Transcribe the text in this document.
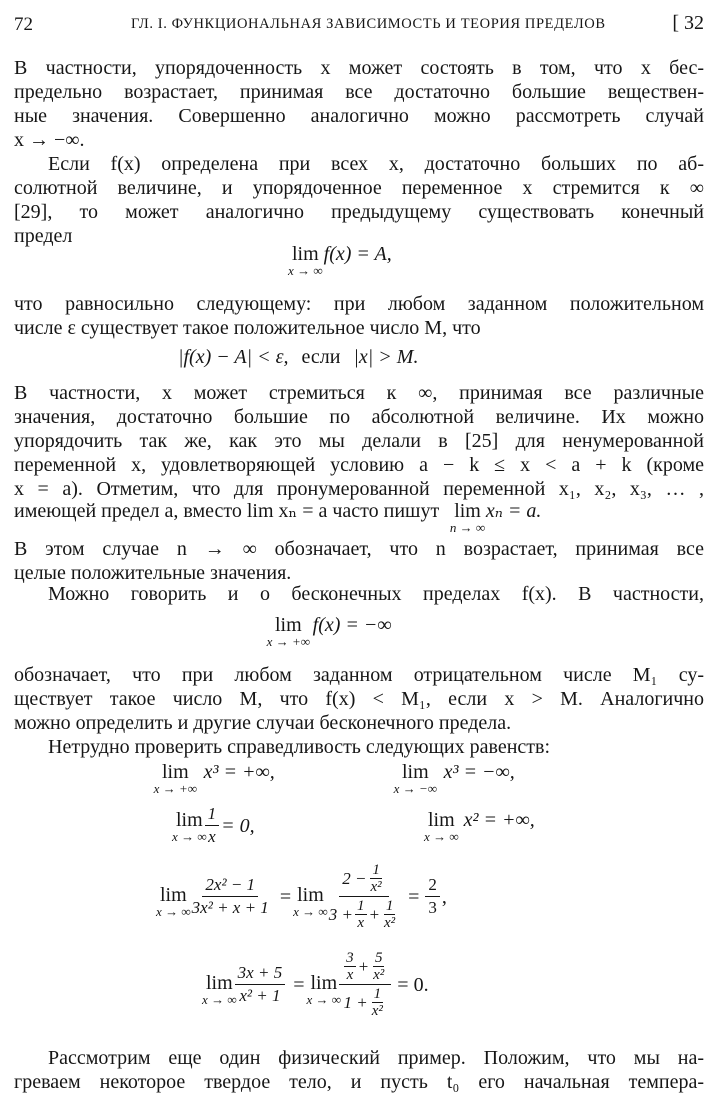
72	ГЛ. I. ФУНКЦИОНАЛЬНАЯ ЗАВИСИМОСТЬ И ТЕОРИЯ ПРЕДЕЛОВ	[ 32
В частности, упорядоченность x может состоять в том, что x бес-
предельно возрастает, принимая все достаточно большие веществен-
ные значения. Совершенно аналогично можно рассмотреть случай
x → −∞.
Если f(x) определена при всех x, достаточно больших по аб-
солютной величине, и упорядоченное переменное x стремится к ∞
[29], то может аналогично предыдущему существовать конечный
предел
lim
x → ∞
f(x) = A,
что равносильно следующему: при любом заданном положительном
числе ε существует такое положительное число M, что
|f(x) − A| < ε, если |x| > M.
В частности, x может стремиться к ∞, принимая все различные
значения, достаточно большие по абсолютной величине. Их можно
упорядочить так же, как это мы делали в [25] для ненумерованной
переменной x, удовлетворяющей условию a − k ≤ x < a + k (кроме
x = a). Отметим, что для пронумерованной переменной x₁, x₂, x₃, … ,
имеющей предел a, вместо lim xₙ = a часто пишут lim
n → ∞
xₙ = a.
В этом случае n → ∞ обозначает, что n возрастает, принимая все
целые положительные значения.
Можно говорить и о бесконечных пределах f(x). В частности,
lim
x → +∞
f(x) = −∞
обозначает, что при любом заданном отрицательном числе M₁ су-
ществует такое число M, что f(x) < M₁, если x > M. Аналогично
можно определить и другие случаи бесконечного предела.
Нетрудно проверить справедливость следующих равенств:
lim
x → +∞
x³ = +∞,	lim
x → −∞
x³ = −∞,
lim
x → ∞
$\frac{1}{x} = 0$,	lim
x → ∞
x² = +∞,
lim
x → ∞
$\frac{\text{2x² − 1}}{\text{3x² + x + 1}} = \lim$
x → ∞
$\frac{2 - \frac{1}{\text{x²}}}{3 + \frac{1}{x} + \frac{1}{\text{x²}}} = \frac{2}{3}$ ,
lim
x → ∞
$\frac{3x + 5}{\text{x² + 1}} = \lim$
x → ∞
$\frac{\frac{3}{x} + \frac{5}{\text{x²}}}{1 + \frac{1}{\text{x²}}} = 0$.
Рассмотрим еще один физический пример. Положим, что мы на-
греваем некоторое твердое тело, и пусть t₀ его начальная темпера-
